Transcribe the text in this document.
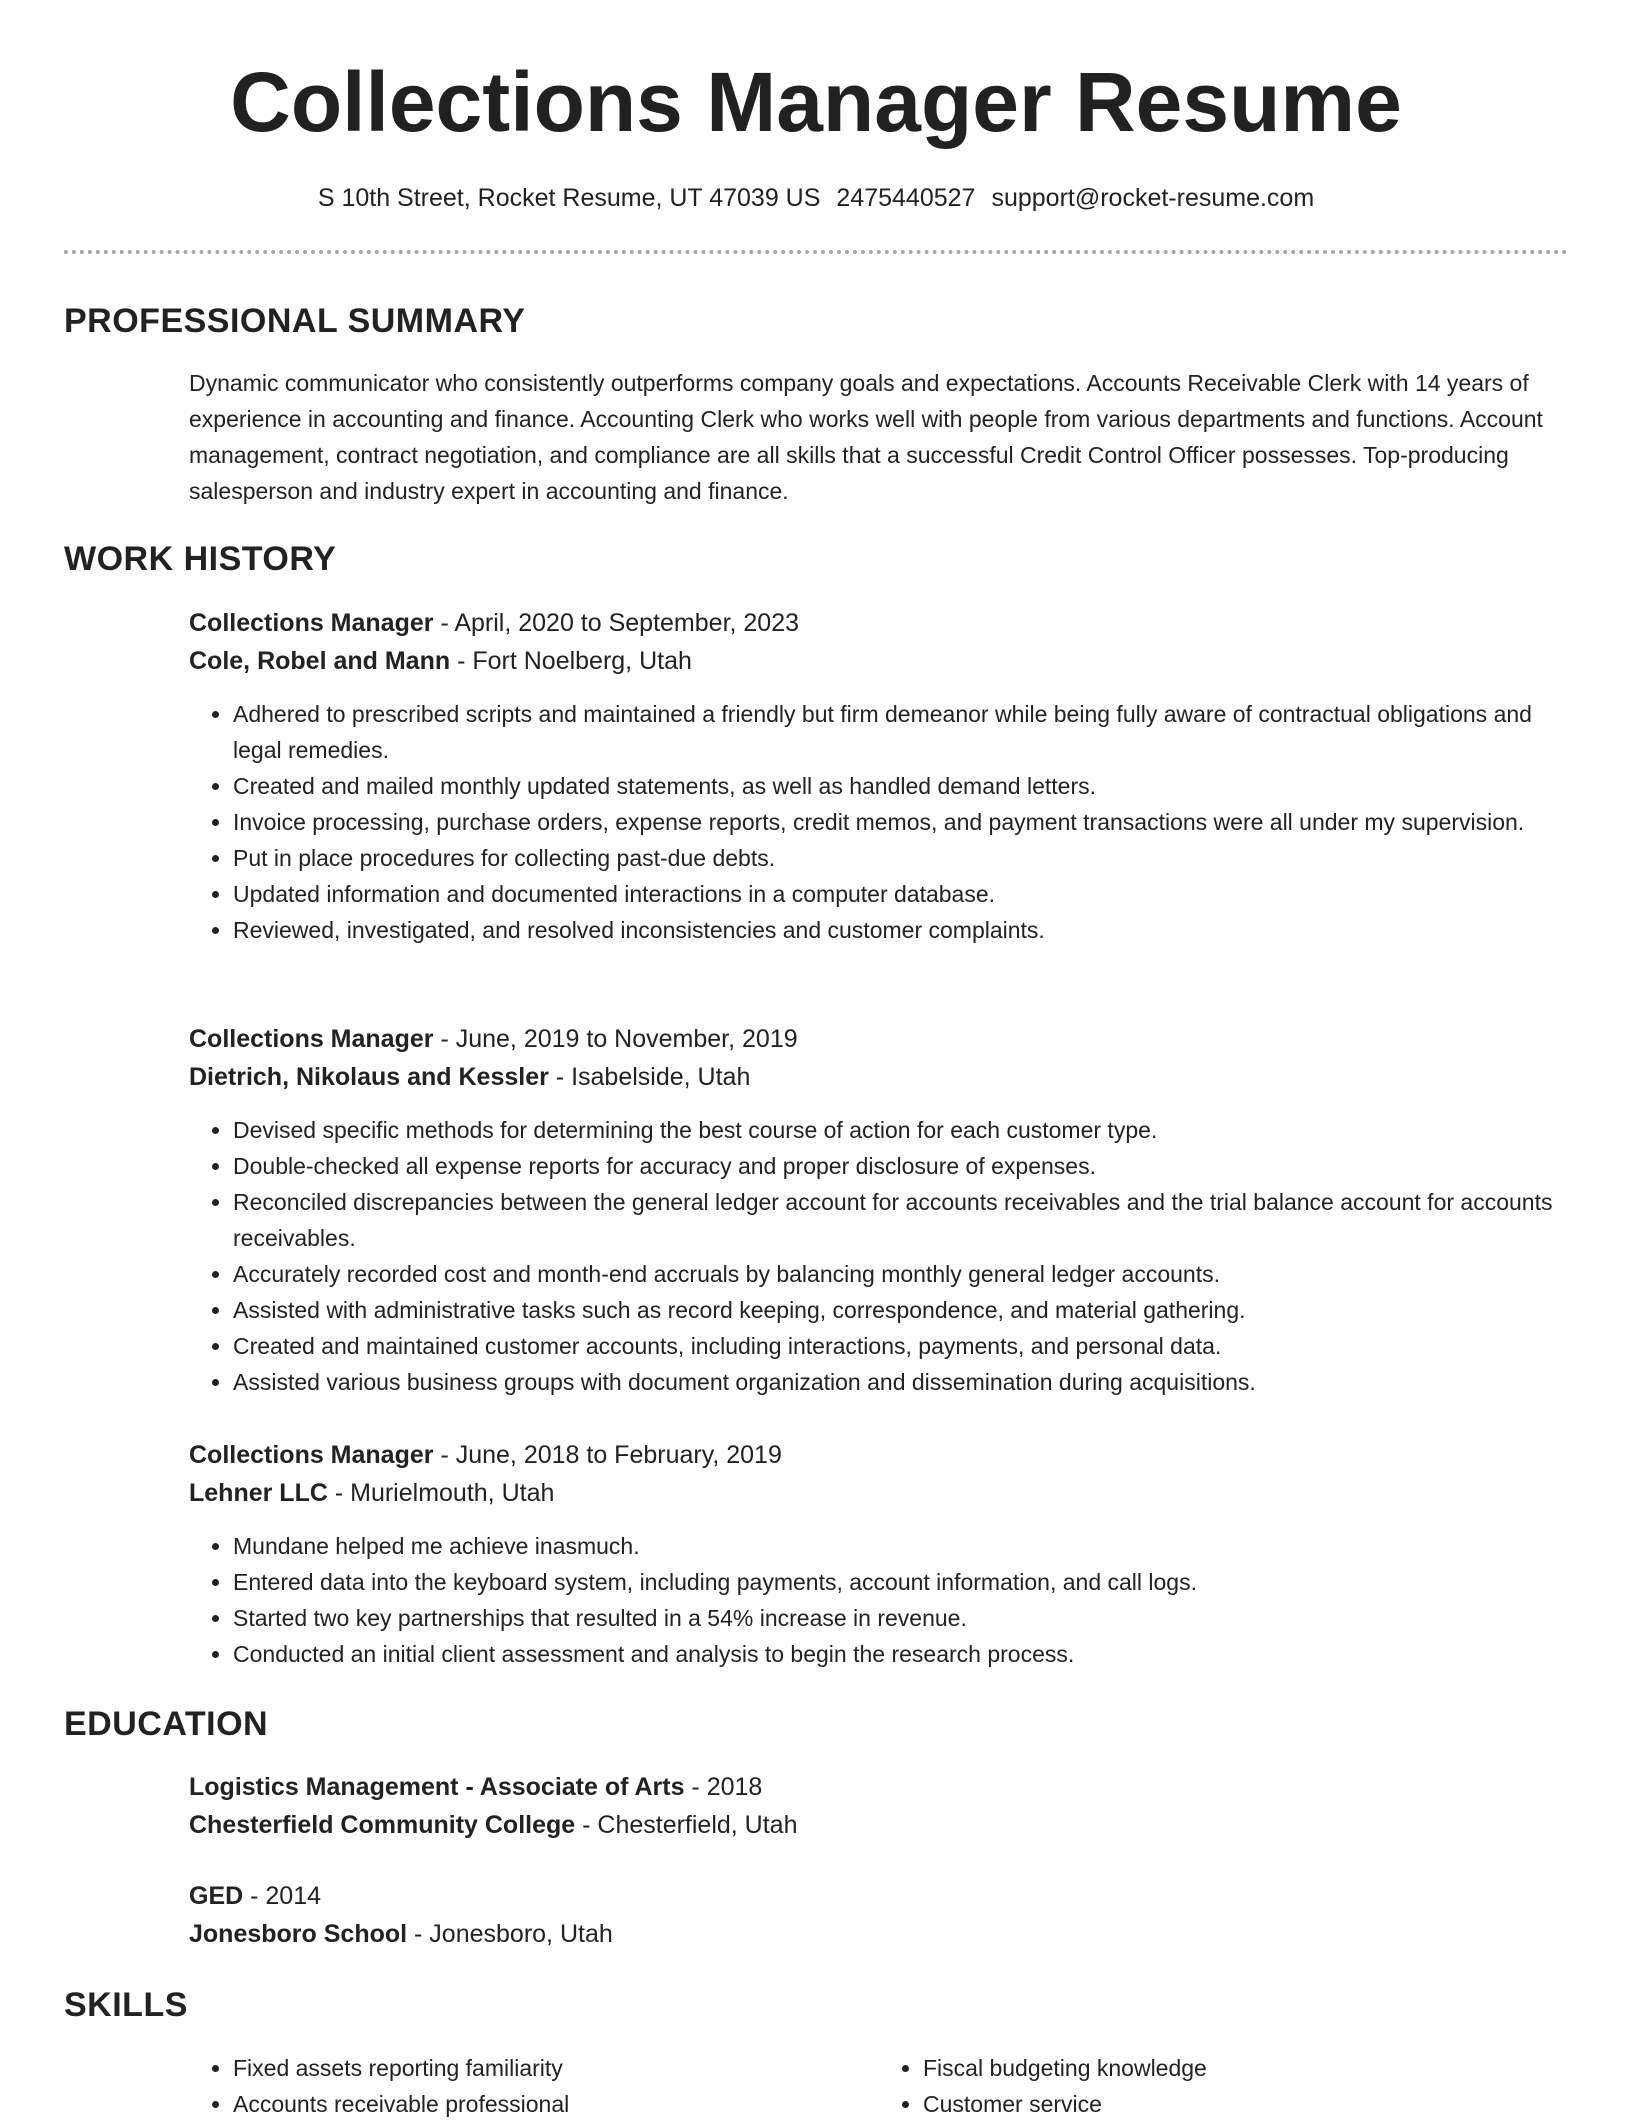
Collections Manager Resume
S 10th Street, Rocket Resume, UT 47039 US 2475440527 support@rocket-resume.com
PROFESSIONAL SUMMARY
Dynamic communicator who consistently outperforms company goals and expectations. Accounts Receivable Clerk with 14 years of experience in accounting and finance. Accounting Clerk who works well with people from various departments and functions. Account management, contract negotiation, and compliance are all skills that a successful Credit Control Officer possesses. Top-producing salesperson and industry expert in accounting and finance.
WORK HISTORY
Collections Manager - April, 2020 to September, 2023
Cole, Robel and Mann - Fort Noelberg, Utah
• Adhered to prescribed scripts and maintained a friendly but firm demeanor while being fully aware of contractual obligations and legal remedies.
• Created and mailed monthly updated statements, as well as handled demand letters.
• Invoice processing, purchase orders, expense reports, credit memos, and payment transactions were all under my supervision.
• Put in place procedures for collecting past-due debts.
• Updated information and documented interactions in a computer database.
• Reviewed, investigated, and resolved inconsistencies and customer complaints.
Collections Manager - June, 2019 to November, 2019
Dietrich, Nikolaus and Kessler - Isabelside, Utah
• Devised specific methods for determining the best course of action for each customer type.
• Double-checked all expense reports for accuracy and proper disclosure of expenses.
• Reconciled discrepancies between the general ledger account for accounts receivables and the trial balance account for accounts receivables.
• Accurately recorded cost and month-end accruals by balancing monthly general ledger accounts.
• Assisted with administrative tasks such as record keeping, correspondence, and material gathering.
• Created and maintained customer accounts, including interactions, payments, and personal data.
• Assisted various business groups with document organization and dissemination during acquisitions.
Collections Manager - June, 2018 to February, 2019
Lehner LLC - Murielmouth, Utah
• Mundane helped me achieve inasmuch.
• Entered data into the keyboard system, including payments, account information, and call logs.
• Started two key partnerships that resulted in a 54% increase in revenue.
• Conducted an initial client assessment and analysis to begin the research process.
EDUCATION
Logistics Management - Associate of Arts - 2018
Chesterfield Community College - Chesterfield, Utah
GED - 2014
Jonesboro School - Jonesboro, Utah
SKILLS
• Fixed assets reporting familiarity
• Accounts receivable professional
• Fiscal budgeting knowledge
• Customer service
